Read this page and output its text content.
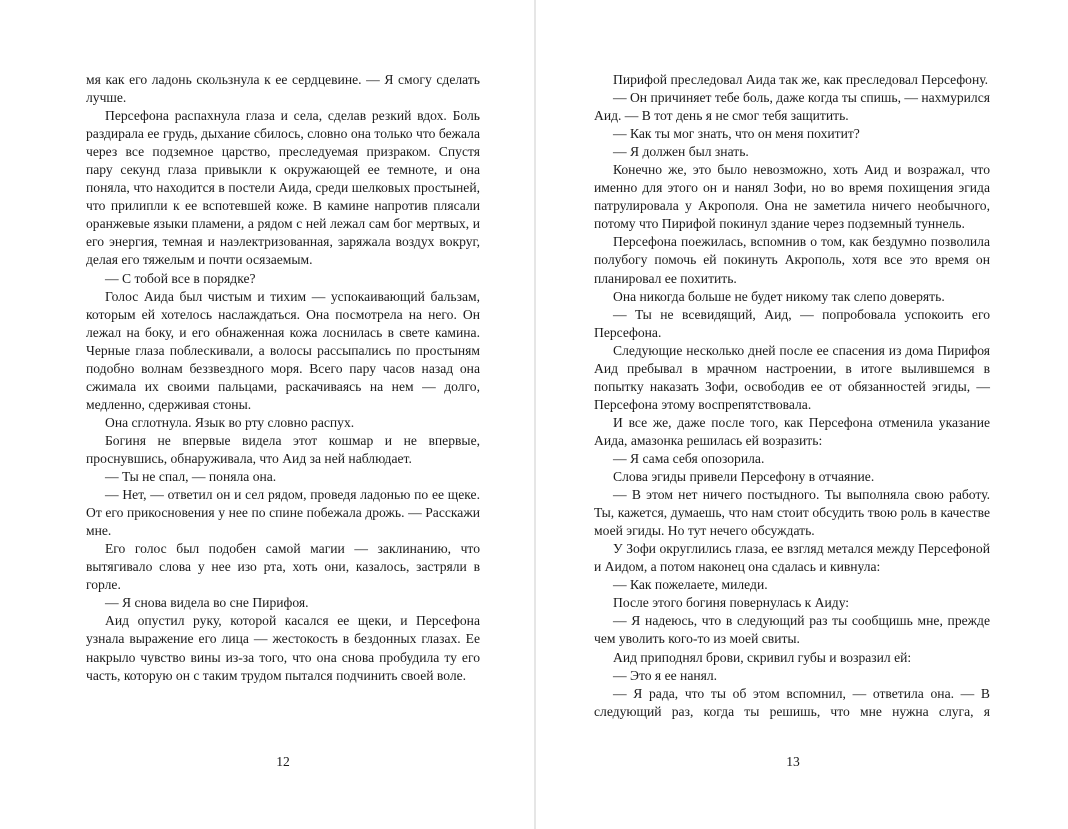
мя как его ладонь скользнула к ее сердцевине. — Я смогу сделать лучше.

Персефона распахнула глаза и села, сделав резкий вдох. Боль раздирала ее грудь, дыхание сбилось, словно она только что бежала через все подземное царство, преследуемая призраком. Спустя пару секунд глаза привыкли к окружающей ее темноте, и она поняла, что находится в постели Аида, среди шелковых простыней, что прилипли к ее вспотевшей коже. В камине напротив плясали оранжевые языки пламени, а рядом с ней лежал сам бог мертвых, и его энергия, темная и наэлектризованная, заряжала воздух вокруг, делая его тяжелым и почти осязаемым.

— С тобой все в порядке?

Голос Аида был чистым и тихим — успокаивающий бальзам, которым ей хотелось наслаждаться. Она посмотрела на него. Он лежал на боку, и его обнаженная кожа лоснилась в свете камина. Черные глаза поблескивали, а волосы рассыпались по простыням подобно волнам беззвездного моря. Всего пару часов назад она сжимала их своими пальцами, раскачиваясь на нем — долго, медленно, сдерживая стоны.

Она сглотнула. Язык во рту словно распух.

Богиня не впервые видела этот кошмар и не впервые, проснувшись, обнаруживала, что Аид за ней наблюдает.

— Ты не спал, — поняла она.

— Нет, — ответил он и сел рядом, проведя ладонью по ее щеке. От его прикосновения у нее по спине побежала дрожь. — Расскажи мне.

Его голос был подобен самой магии — заклинанию, что вытягивало слова у нее изо рта, хоть они, казалось, застряли в горле.

— Я снова видела во сне Пирифоя.

Аид опустил руку, которой касался ее щеки, и Персефона узнала выражение его лица — жестокость в бездонных глазах. Ее накрыло чувство вины из-за того, что она снова пробудила ту его часть, которую он с таким трудом пытался подчинить своей воле.

12

Пирифой преследовал Аида так же, как преследовал Персефону.

— Он причиняет тебе боль, даже когда ты спишь, — нахмурился Аид. — В тот день я не смог тебя защитить.

— Как ты мог знать, что он меня похитит?

— Я должен был знать.

Конечно же, это было невозможно, хоть Аид и возражал, что именно для этого он и нанял Зофи, но во время похищения эгида патрулировала у Акрополя. Она не заметила ничего необычного, потому что Пирифой покинул здание через подземный туннель.

Персефона поежилась, вспомнив о том, как бездумно позволила полубогу помочь ей покинуть Акрополь, хотя все это время он планировал ее похитить.

Она никогда больше не будет никому так слепо доверять.

— Ты не всевидящий, Аид, — попробовала успокоить его Персефона.

Следующие несколько дней после ее спасения из дома Пирифоя Аид пребывал в мрачном настроении, в итоге вылившемся в попытку наказать Зофи, освободив ее от обязанностей эгиды, — Персефона этому воспрепятствовала.

И все же, даже после того, как Персефона отменила указание Аида, амазонка решилась ей возразить:

— Я сама себя опозорила.

Слова эгиды привели Персефону в отчаяние.

— В этом нет ничего постыдного. Ты выполняла свою работу. Ты, кажется, думаешь, что нам стоит обсудить твою роль в качестве моей эгиды. Но тут нечего обсуждать.

У Зофи округлились глаза, ее взгляд метался между Персефоной и Аидом, а потом наконец она сдалась и кивнула:

— Как пожелаете, миледи.

После этого богиня повернулась к Аиду:

— Я надеюсь, что в следующий раз ты сообщишь мне, прежде чем уволить кого-то из моей свиты.

Аид приподнял брови, скривил губы и возразил ей:

— Это я ее нанял.

— Я рада, что ты об этом вспомнил, — ответила она. — В следующий раз, когда ты решишь, что мне нужна слуга, я

13
